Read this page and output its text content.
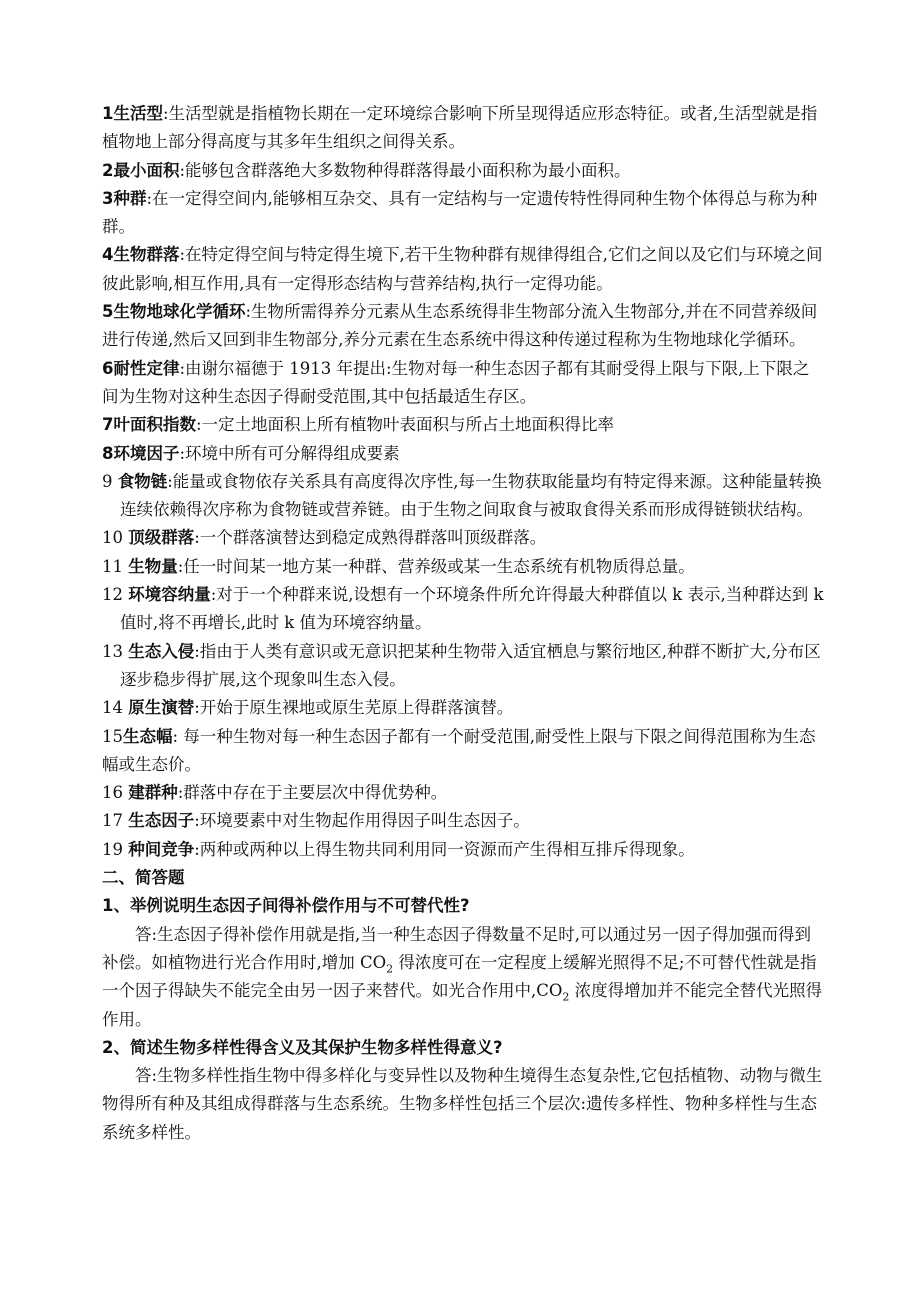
1生活型:生活型就是指植物长期在一定环境综合影响下所呈现得适应形态特征。或者,生活型就是指植物地上部分得高度与其多年生组织之间得关系。

2最小面积:能够包含群落绝大多数物种得群落得最小面积称为最小面积。

3种群:在一定得空间内,能够相互杂交、具有一定结构与一定遗传特性得同种生物个体得总与称为种群。

4生物群落:在特定得空间与特定得生境下,若干生物种群有规律得组合,它们之间以及它们与环境之间彼此影响,相互作用,具有一定得形态结构与营养结构,执行一定得功能。

5生物地球化学循环:生物所需得养分元素从生态系统得非生物部分流入生物部分,并在不同营养级间进行传递,然后又回到非生物部分,养分元素在生态系统中得这种传递过程称为生物地球化学循环。

6耐性定律:由谢尔福德于 1913 年提出:生物对每一种生态因子都有其耐受得上限与下限,上下限之间为生物对这种生态因子得耐受范围,其中包括最适生存区。

7叶面积指数:一定土地面积上所有植物叶表面积与所占土地面积得比率

8环境因子:环境中所有可分解得组成要素

9 食物链:能量或食物依存关系具有高度得次序性,每一生物获取能量均有特定得来源。这种能量转换连续依赖得次序称为食物链或营养链。由于生物之间取食与被取食得关系而形成得链锁状结构。

10 顶级群落:一个群落演替达到稳定成熟得群落叫顶级群落。

11 生物量:任一时间某一地方某一种群、营养级或某一生态系统有机物质得总量。

12 环境容纳量:对于一个种群来说,设想有一个环境条件所允许得最大种群值以 k 表示,当种群达到 k 值时,将不再增长,此时 k 值为环境容纳量。

13 生态入侵:指由于人类有意识或无意识把某种生物带入适宜栖息与繁衍地区,种群不断扩大,分布区逐步稳步得扩展,这个现象叫生态入侵。

14 原生演替:开始于原生裸地或原生芜原上得群落演替。

15生态幅: 每一种生物对每一种生态因子都有一个耐受范围,耐受性上限与下限之间得范围称为生态幅或生态价。

16 建群种:群落中存在于主要层次中得优势种。

17 生态因子:环境要素中对生物起作用得因子叫生态因子。

19 种间竞争:两种或两种以上得生物共同利用同一资源而产生得相互排斥得现象。

二、简答题

1、举例说明生态因子间得补偿作用与不可替代性?

答:生态因子得补偿作用就是指,当一种生态因子得数量不足时,可以通过另一因子得加强而得到补偿。如植物进行光合作用时,增加 $CO_2$ 得浓度可在一定程度上缓解光照得不足;不可替代性就是指一个因子得缺失不能完全由另一因子来替代。如光合作用中$,CO_2$ 浓度得增加并不能完全替代光照得作用。

2、简述生物多样性得含义及其保护生物多样性得意义?

答:生物多样性指生物中得多样化与变异性以及物种生境得生态复杂性,它包括植物、动物与微生物得所有种及其组成得群落与生态系统。生物多样性包括三个层次:遗传多样性、物种多样性与生态系统多样性。
